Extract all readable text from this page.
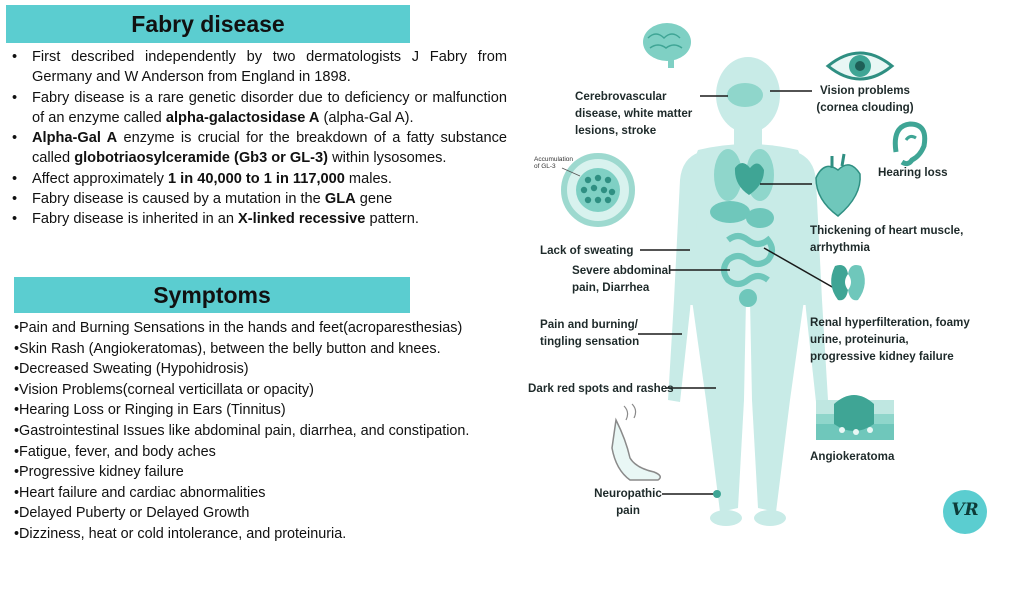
Fabry disease
• First described independently by two dermatologists J Fabry from Germany and W Anderson from England in 1898.
• Fabry disease is a rare genetic disorder due to deficiency or malfunction of an enzyme called alpha-galactosidase A (alpha-Gal A).
• Alpha-Gal A enzyme is crucial for the breakdown of a fatty substance called globotriaosylceramide (Gb3 or GL-3) within lysosomes.
• Affect approximately 1 in 40,000 to 1 in 117,000 males.
• Fabry disease is caused by a mutation in the GLA gene
• Fabry disease is inherited in an X-linked recessive pattern.
Symptoms
•Pain and Burning Sensations in the hands and feet(acroparesthesias)
•Skin Rash (Angiokeratomas), between the belly button and knees.
•Decreased Sweating (Hypohidrosis)
•Vision Problems(corneal verticillata or opacity)
•Hearing Loss or Ringing in Ears (Tinnitus)
•Gastrointestinal Issues like abdominal pain, diarrhea, and constipation.
•Fatigue, fever, and body aches
•Progressive kidney failure
•Heart failure and cardiac abnormalities
•Delayed Puberty or Delayed Growth
•Dizziness, heat or cold intolerance, and proteinuria.
Cerebrovascular disease, white matter lesions, stroke
Vision problems (cornea clouding)
Hearing loss
Thickening of heart muscle, arrhythmia
Lack of sweating
Severe abdominal pain, Diarrhea
Renal hyperfilteration, foamy urine, proteinuria, progressive kidney failure
Pain and burning/ tingling sensation
Dark red spots and rashes
Angiokeratoma
Neuropathic pain
Accumulation of GL-3
VR
